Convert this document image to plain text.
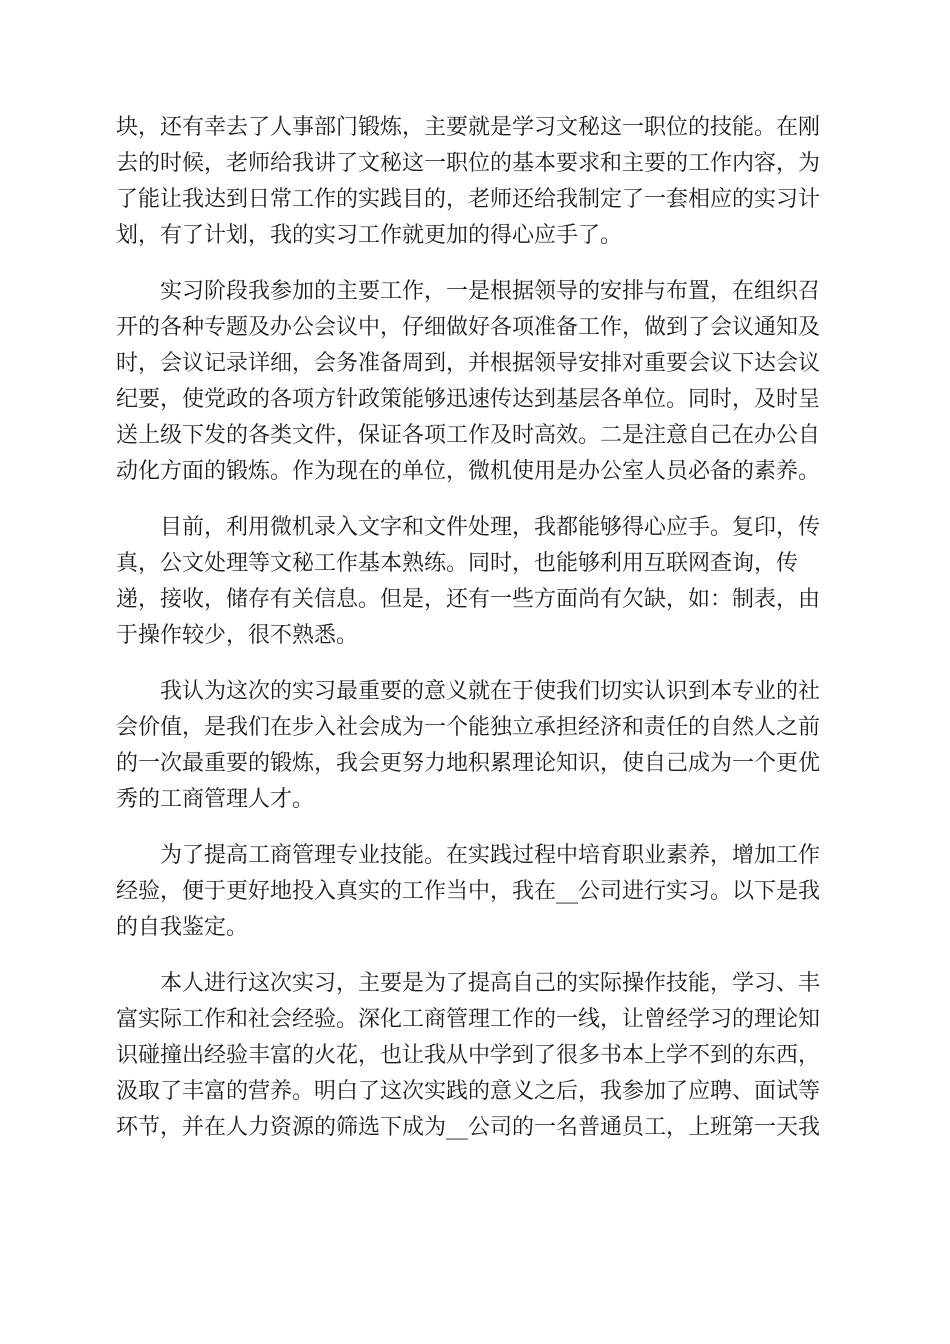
块，还有幸去了人事部门锻炼，主要就是学习文秘这一职位的技能。在刚
去的时候，老师给我讲了文秘这一职位的基本要求和主要的工作内容，为
了能让我达到日常工作的实践目的，老师还给我制定了一套相应的实习计
划，有了计划，我的实习工作就更加的得心应手了。
实习阶段我参加的主要工作，一是根据领导的安排与布置，在组织召
开的各种专题及办公会议中，仔细做好各项准备工作，做到了会议通知及
时，会议记录详细，会务准备周到，并根据领导安排对重要会议下达会议
纪要，使党政的各项方针政策能够迅速传达到基层各单位。同时，及时呈
送上级下发的各类文件，保证各项工作及时高效。二是注意自己在办公自
动化方面的锻炼。作为现在的单位，微机使用是办公室人员必备的素养。
目前，利用微机录入文字和文件处理，我都能够得心应手。复印，传
真，公文处理等文秘工作基本熟练。同时，也能够利用互联网查询，传
递，接收，储存有关信息。但是，还有一些方面尚有欠缺，如：制表，由
于操作较少，很不熟悉。
我认为这次的实习最重要的意义就在于使我们切实认识到本专业的社
会价值，是我们在步入社会成为一个能独立承担经济和责任的自然人之前
的一次最重要的锻炼，我会更努力地积累理论知识，使自己成为一个更优
秀的工商管理人才。
为了提高工商管理专业技能。在实践过程中培育职业素养，增加工作
经验，便于更好地投入真实的工作当中，我在__公司进行实习。以下是我
的自我鉴定。
本人进行这次实习，主要是为了提高自己的实际操作技能，学习、丰
富实际工作和社会经验。深化工商管理工作的一线，让曾经学习的理论知
识碰撞出经验丰富的火花，也让我从中学到了很多书本上学不到的东西，
汲取了丰富的营养。明白了这次实践的意义之后，我参加了应聘、面试等
环节，并在人力资源的筛选下成为__公司的一名普通员工，上班第一天我
